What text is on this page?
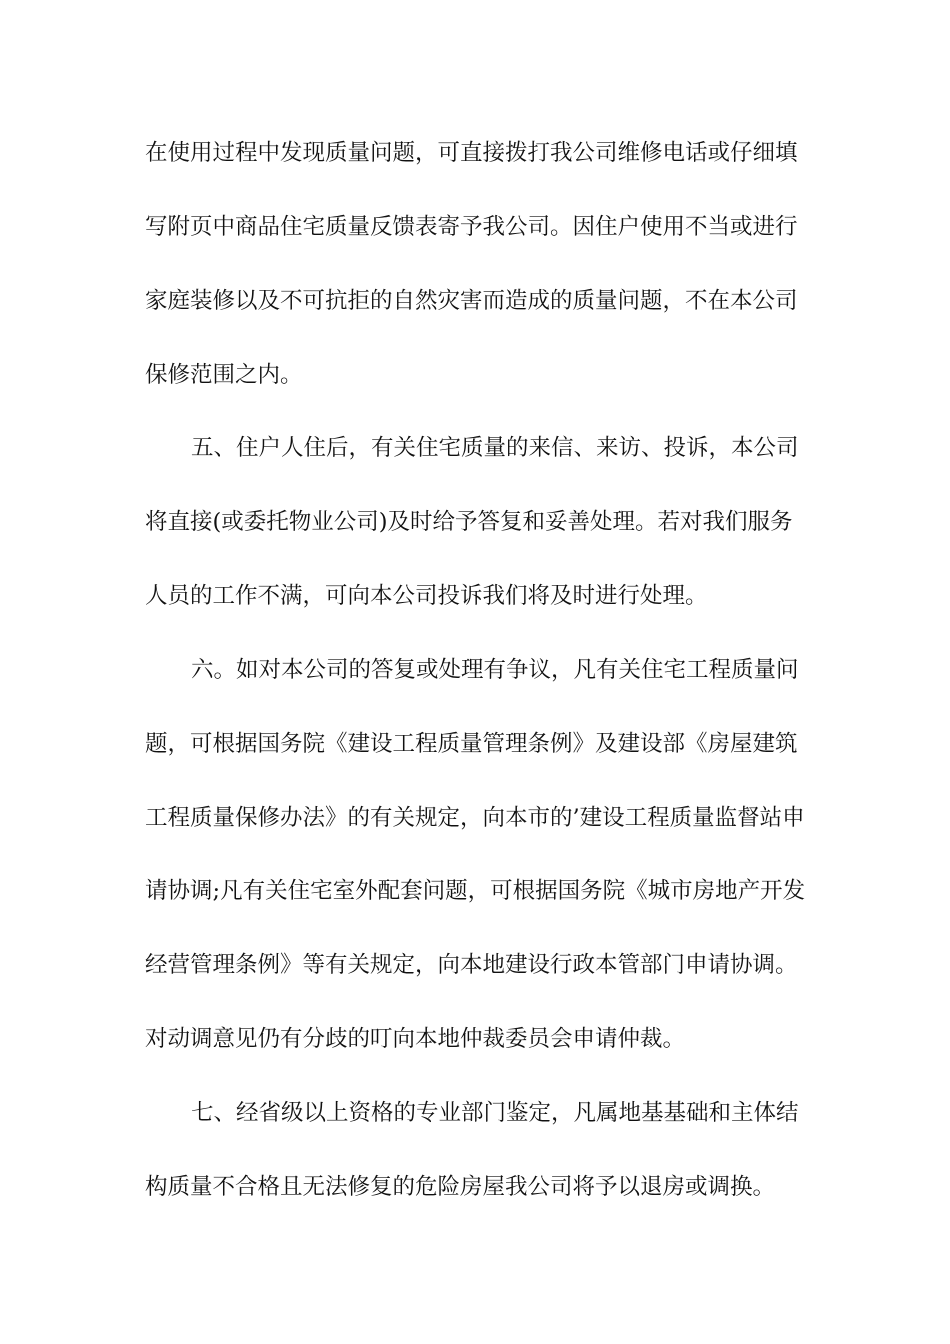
在使用过程中发现质量问题，可直接拨打我公司维修电话或仔细填
写附页中商品住宅质量反馈表寄予我公司。因住户使用不当或进行
家庭装修以及不可抗拒的自然灾害而造成的质量问题，不在本公司
保修范围之内。
五、住户人住后，有关住宅质量的来信、来访、投诉，本公司
将直接(或委托物业公司)及时给予答复和妥善处理。若对我们服务
人员的工作不满，可向本公司投诉我们将及时进行处理。
六。如对本公司的答复或处理有争议，凡有关住宅工程质量问
题，可根据国务院《建设工程质量管理条例》及建设部《房屋建筑
工程质量保修办法》的有关规定，向本市的’建设工程质量监督站申
请协调;凡有关住宅室外配套问题，可根据国务院《城市房地产开发
经营管理条例》等有关规定，向本地建设行政本管部门申请协调。
对动调意见仍有分歧的叮向本地仲裁委员会申请仲裁。
七、经省级以上资格的专业部门鉴定，凡属地基基础和主体结
构质量不合格且无法修复的危险房屋我公司将予以退房或调换。
